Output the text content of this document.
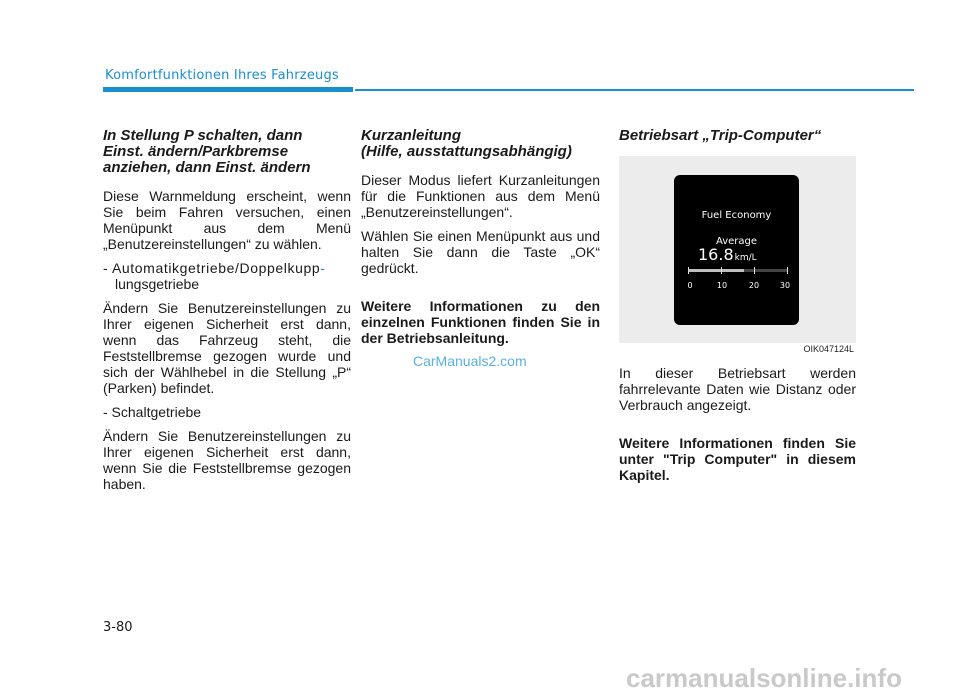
Komfortfunktionen Ihres Fahrzeugs
In Stellung P schalten, dann
Einst. ändern/Parkbremse
anziehen, dann Einst. ändern

Diese Warnmeldung erscheint, wenn Sie beim Fahren versuchen, einen Menüpunkt aus dem Menü „Benutzereinstellungen“ zu wählen.

- Automatikgetriebe/Doppelkupp-
lungsgetriebe

Ändern Sie Benutzereinstellungen zu Ihrer eigenen Sicherheit erst dann, wenn das Fahrzeug steht, die Feststellbremse gezogen wurde und sich der Wählhebel in die Stellung „P“ (Parken) befindet.

- Schaltgetriebe

Ändern Sie Benutzereinstellungen zu Ihrer eigenen Sicherheit erst dann, wenn Sie die Feststellbremse gezogen haben.

Kurzanleitung
(Hilfe, ausstattungsabhängig)

Dieser Modus liefert Kurzanleitungen für die Funktionen aus dem Menü „Benutzereinstellungen“.

Wählen Sie einen Menüpunkt aus und halten Sie dann die Taste „OK“ gedrückt.

Weitere Informationen zu den einzelnen Funktionen finden Sie in der Betriebsanleitung.

Betriebsart „Trip-Computer“
Fuel Economy
Average
16.8km/L
0	10	20	30
OIK047124L

In dieser Betriebsart werden fahrrelevante Daten wie Distanz oder Verbrauch angezeigt.

Weitere Informationen finden Sie unter "Trip Computer" in diesem Kapitel.

CarManuals2.com
3-80
carmanualsonline.info
